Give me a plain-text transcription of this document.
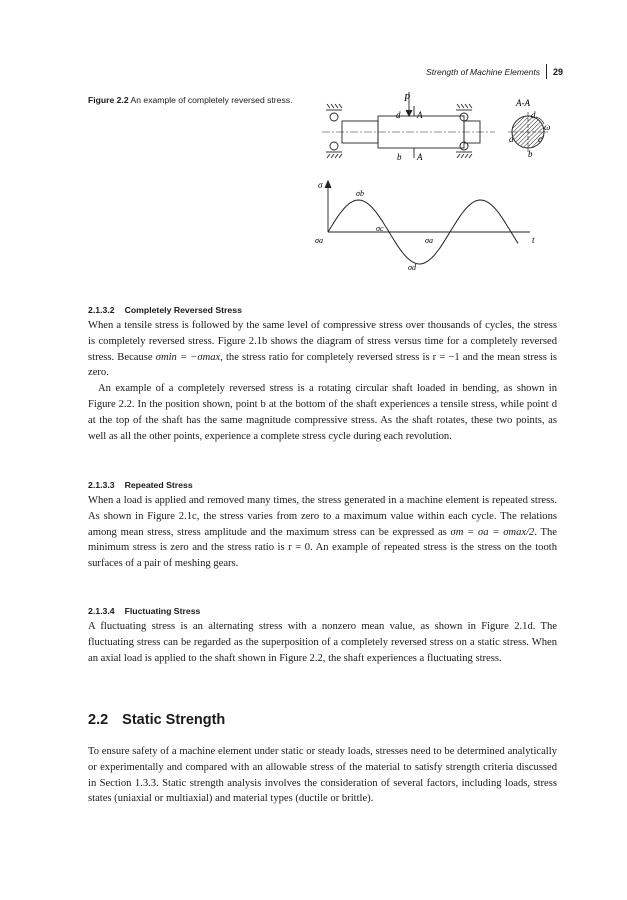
Strength of Machine Elements 29
Figure 2.2 An example of completely reversed stress.	P
d A
b A
A-A
d
ω
a	c
b
σ
σb
σc
σa	σa
σd
t
2.1.3.2 Completely Reversed Stress

When a tensile stress is followed by the same level of compressive stress over thousands of cycles, the stress is completely reversed stress. Figure 2.1b shows the diagram of stress versus time for a completely reversed stress. Because σmin = −σmax, the stress ratio for completely reversed stress is r = −1 and the mean stress is zero.

An example of a completely reversed stress is a rotating circular shaft loaded in bending, as shown in Figure 2.2. In the position shown, point b at the bottom of the shaft experiences a tensile stress, while point d at the top of the shaft has the same magnitude compressive stress. As the shaft rotates, these two points, as well as all the other points, experience a complete stress cycle during each revolution.

2.1.3.3 Repeated Stress

When a load is applied and removed many times, the stress generated in a machine element is repeated stress. As shown in Figure 2.1c, the stress varies from zero to a maximum value within each cycle. The relations among mean stress, stress amplitude and the maximum stress can be expressed as σm = σa = σmax/2. The minimum stress is zero and the stress ratio is r = 0. An example of repeated stress is the stress on the tooth surfaces of a pair of meshing gears.

2.1.3.4 Fluctuating Stress

A fluctuating stress is an alternating stress with a nonzero mean value, as shown in Figure 2.1d. The fluctuating stress can be regarded as the superposition of a completely reversed stress on a static stress. When an axial load is applied to the shaft shown in Figure 2.2, the shaft experiences a fluctuating stress.

2.2 Static Strength

To ensure safety of a machine element under static or steady loads, stresses need to be determined analytically or experimentally and compared with an allowable stress of the material to satisfy strength criteria discussed in Section 1.3.3. Static strength analysis involves the consideration of several factors, including loads, stress states (uniaxial or multiaxial) and material types (ductile or brittle).
